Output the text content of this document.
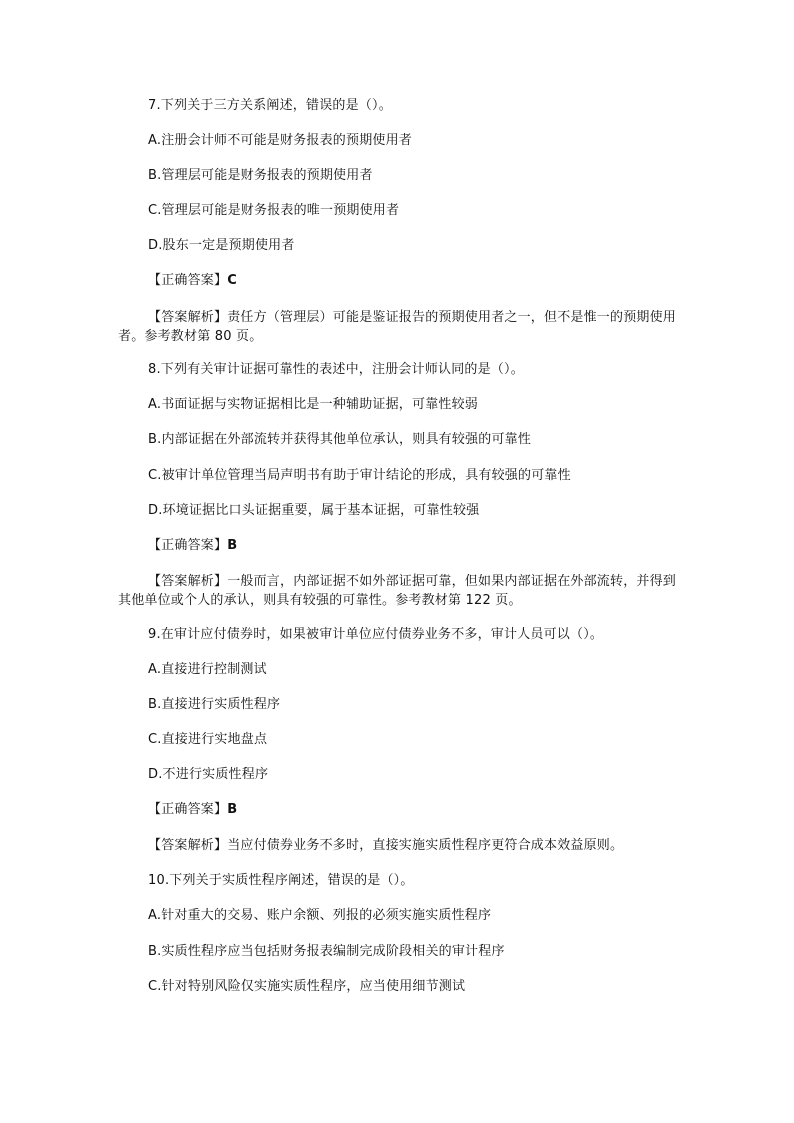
7.下列关于三方关系阐述，错误的是（）。
A.注册会计师不可能是财务报表的预期使用者
B.管理层可能是财务报表的预期使用者
C.管理层可能是财务报表的唯一预期使用者
D.股东一定是预期使用者
【正确答案】C
【答案解析】责任方（管理层）可能是鉴证报告的预期使用者之一，但不是惟一的预期使用者。参考教材第 80 页。
8.下列有关审计证据可靠性的表述中，注册会计师认同的是（）。
A.书面证据与实物证据相比是一种辅助证据，可靠性较弱
B.内部证据在外部流转并获得其他单位承认，则具有较强的可靠性
C.被审计单位管理当局声明书有助于审计结论的形成，具有较强的可靠性
D.环境证据比口头证据重要，属于基本证据，可靠性较强
【正确答案】B
【答案解析】一般而言，内部证据不如外部证据可靠，但如果内部证据在外部流转，并得到其他单位或个人的承认，则具有较强的可靠性。参考教材第 122 页。
9.在审计应付债券时，如果被审计单位应付债券业务不多，审计人员可以（）。
A.直接进行控制测试
B.直接进行实质性程序
C.直接进行实地盘点
D.不进行实质性程序
【正确答案】B
【答案解析】当应付债券业务不多时，直接实施实质性程序更符合成本效益原则。
10.下列关于实质性程序阐述，错误的是（）。
A.针对重大的交易、账户余额、列报的必须实施实质性程序
B.实质性程序应当包括财务报表编制完成阶段相关的审计程序
C.针对特别风险仅实施实质性程序，应当使用细节测试
